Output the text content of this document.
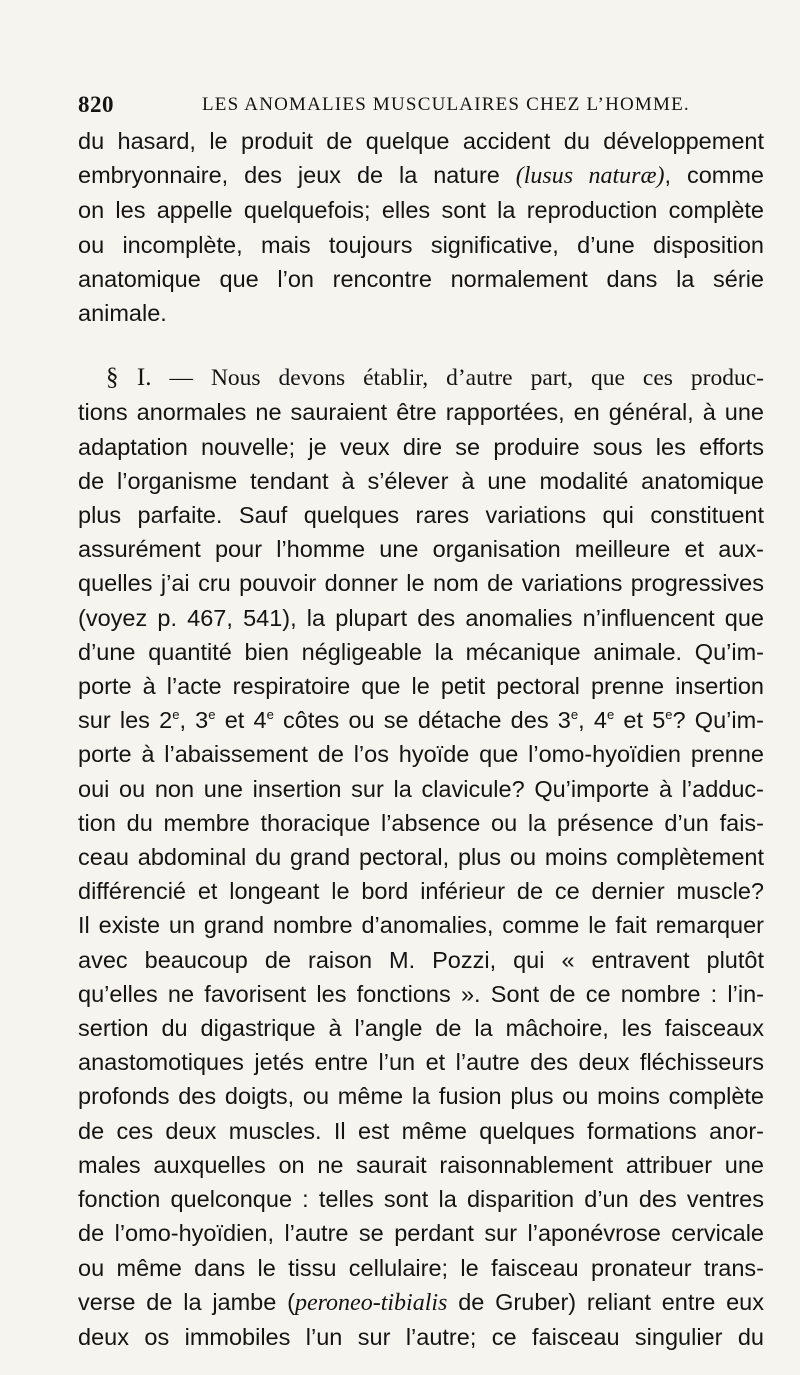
820	LES ANOMALIES MUSCULAIRES CHEZ L’HOMME.
du hasard, le produit de quelque accident du développement
embryonnaire, des jeux de la nature (lusus naturæ), comme
on les appelle quelquefois; elles sont la reproduction complète
ou incomplète, mais toujours significative, d’une disposition
anatomique que l’on rencontre normalement dans la série
animale.
§ I. — Nous devons établir, d’autre part, que ces produc-
tions anormales ne sauraient être rapportées, en général, à une
adaptation nouvelle; je veux dire se produire sous les efforts
de l’organisme tendant à s’élever à une modalité anatomique
plus parfaite. Sauf quelques rares variations qui constituent
assurément pour l’homme une organisation meilleure et aux-
quelles j’ai cru pouvoir donner le nom de variations progressives
(voyez p. 467, 541), la plupart des anomalies n’influencent que
d’une quantité bien négligeable la mécanique animale. Qu’im-
porte à l’acte respiratoire que le petit pectoral prenne insertion
sur les 2e, 3e et 4e côtes ou se détache des 3e, 4e et 5e? Qu’im-
porte à l’abaissement de l’os hyoïde que l’omo-hyoïdien prenne
oui ou non une insertion sur la clavicule? Qu’importe à l’adduc-
tion du membre thoracique l’absence ou la présence d’un fais-
ceau abdominal du grand pectoral, plus ou moins complètement
différencié et longeant le bord inférieur de ce dernier muscle?
Il existe un grand nombre d’anomalies, comme le fait remarquer
avec beaucoup de raison M. Pozzi, qui « entravent plutôt
qu’elles ne favorisent les fonctions ». Sont de ce nombre : l’in-
sertion du digastrique à l’angle de la mâchoire, les faisceaux
anastomotiques jetés entre l’un et l’autre des deux fléchisseurs
profonds des doigts, ou même la fusion plus ou moins complète
de ces deux muscles. Il est même quelques formations anor-
males auxquelles on ne saurait raisonnablement attribuer une
fonction quelconque : telles sont la disparition d’un des ventres
de l’omo-hyoïdien, l’autre se perdant sur l’aponévrose cervicale
ou même dans le tissu cellulaire; le faisceau pronateur trans-
verse de la jambe (peroneo-tibialis de Gruber) reliant entre eux
deux os immobiles l’un sur l’autre; ce faisceau singulier du
